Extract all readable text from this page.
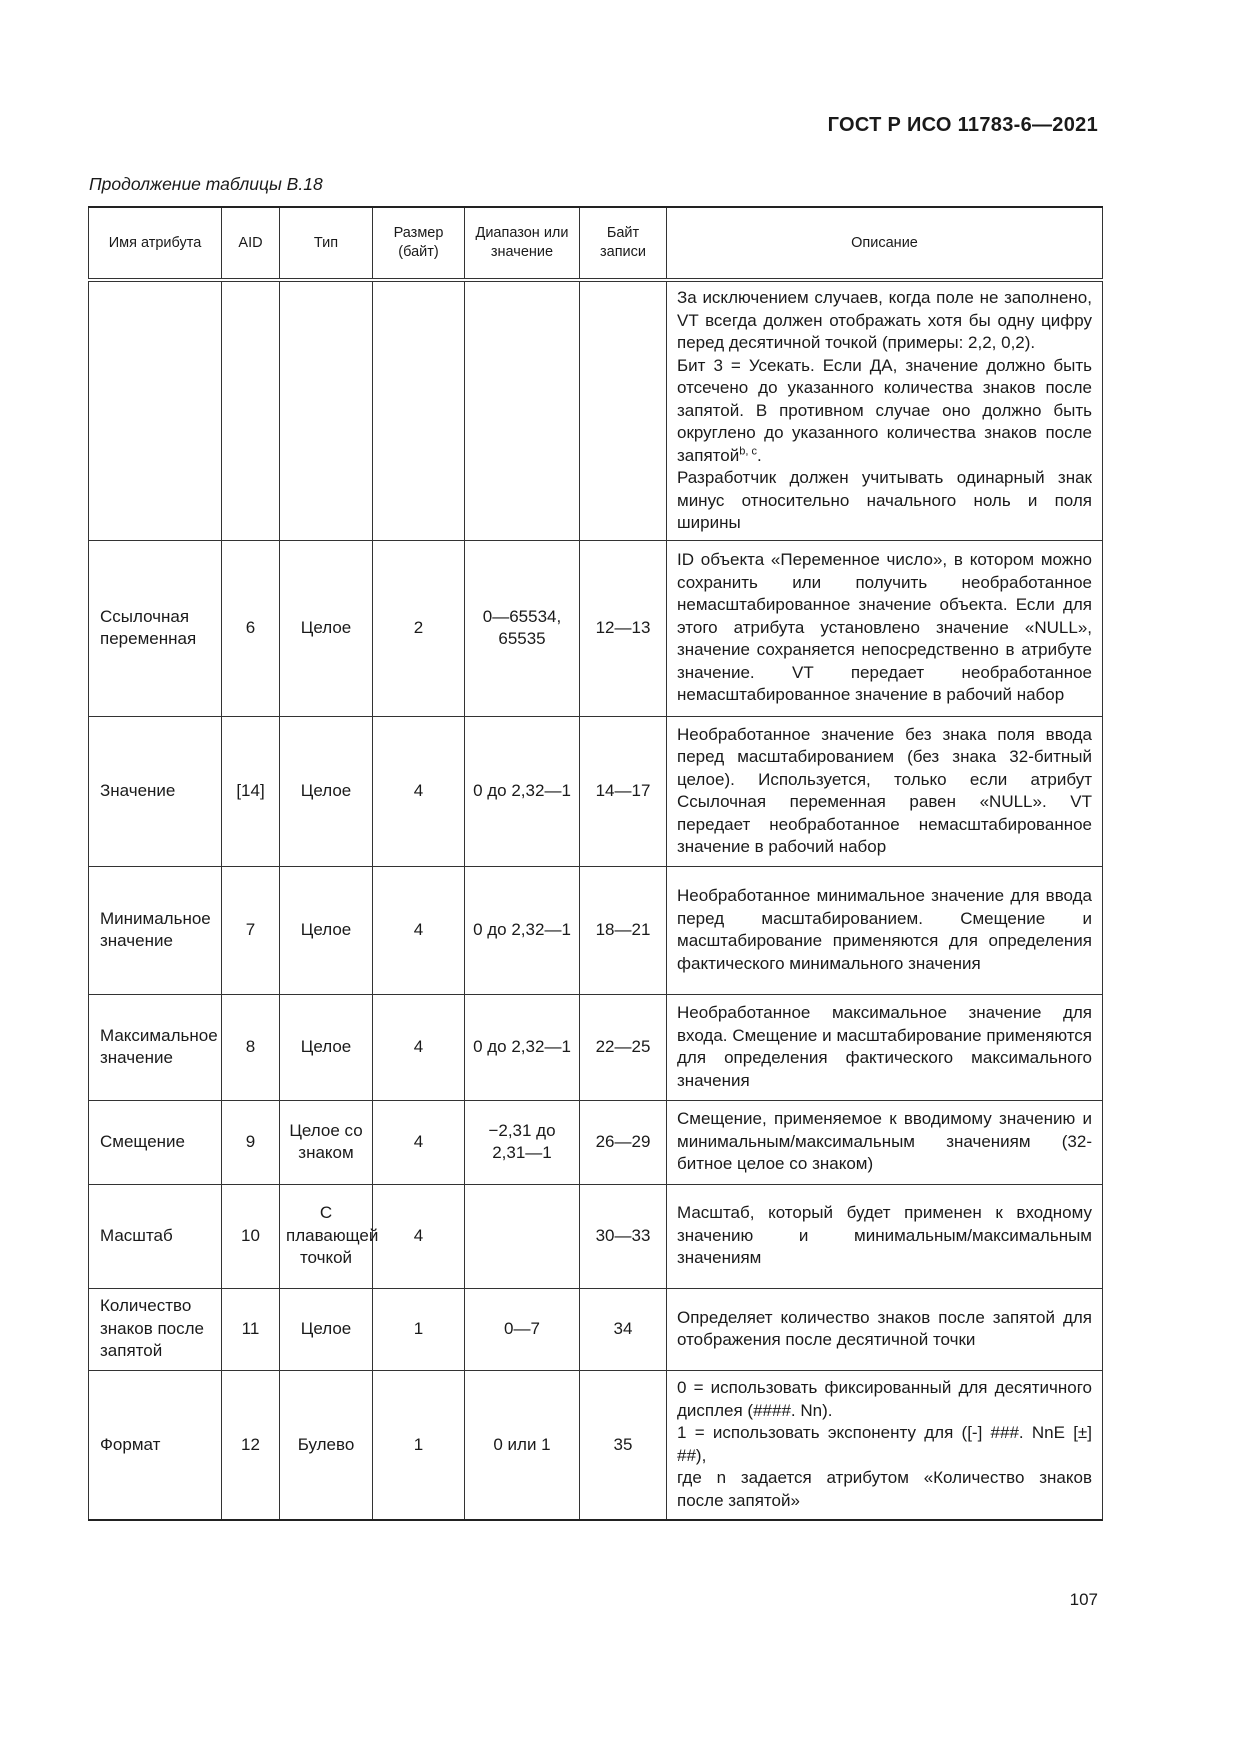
ГОСТ Р ИСО 11783-6—2021
Продолжение таблицы В.18
Имя атрибута	AID	Тип	Размер (байт)	Диапазон или значение	Байт записи	Описание

						За исключением случаев, когда поле не заполнено, VT всегда должен отображать хотя бы одну цифру перед десятичной точкой (примеры: 2,2, 0,2).

Бит 3 = Усекать. Если ДА, значение должно быть отсечено до указанного количества знаков после запятой. В противном случае оно должно быть округлено до указанного количества знаков после запятой$^{b, c}$.

Разработчик должен учитывать одинарный знак минус относительно начального ноль и поля ширины

Ссылочная переменная	6	Целое	2	0—65534, 65535	12—13	ID объекта «Переменное число», в котором можно сохранить или получить необработанное немасштабированное значение объекта. Если для этого атрибута установлено значение «NULL», значение сохраняется непосредственно в атрибуте значение. VT передает необработанное немасштабированное значение в рабочий набор
Значение	[14]	Целое	4	0 до 2,32—1	14—17	Необработанное значение без знака поля ввода перед масштабированием (без знака 32-битный целое). Используется, только если атрибут Ссылочная переменная равен «NULL». VT передает необработанное немасштабированное значение в рабочий набор
Минимальное значение	7	Целое	4	0 до 2,32—1	18—21	Необработанное минимальное значение для ввода перед масштабированием. Смещение и масштабирование применяются для определения фактического минимального значения
Максимальное значение	8	Целое	4	0 до 2,32—1	22—25	Необработанное максимальное значение для входа. Смещение и масштабирование применяются для определения фактического максимального значения
Смещение	9	Целое со знаком	4	−2,31 до 2,31—1	26—29	Смещение, применяемое к вводимому значению и минимальным/максимальным значениям (32-битное целое со знаком)
Масштаб	10	С плавающей точкой	4		30—33	Масштаб, который будет применен к входному значению и минимальным/максимальным значениям
Количество знаков после запятой	11	Целое	1	0—7	34	Определяет количество знаков после запятой для отображения после десятичной точки
Формат	12	Булево	1	0 или 1	35	0 = использовать фиксированный для десятичного дисплея (####. Nn).

1 = использовать экспоненту для ([-] ###. NnE [±] ##),

где n задается атрибутом «Количество знаков после запятой»

107
